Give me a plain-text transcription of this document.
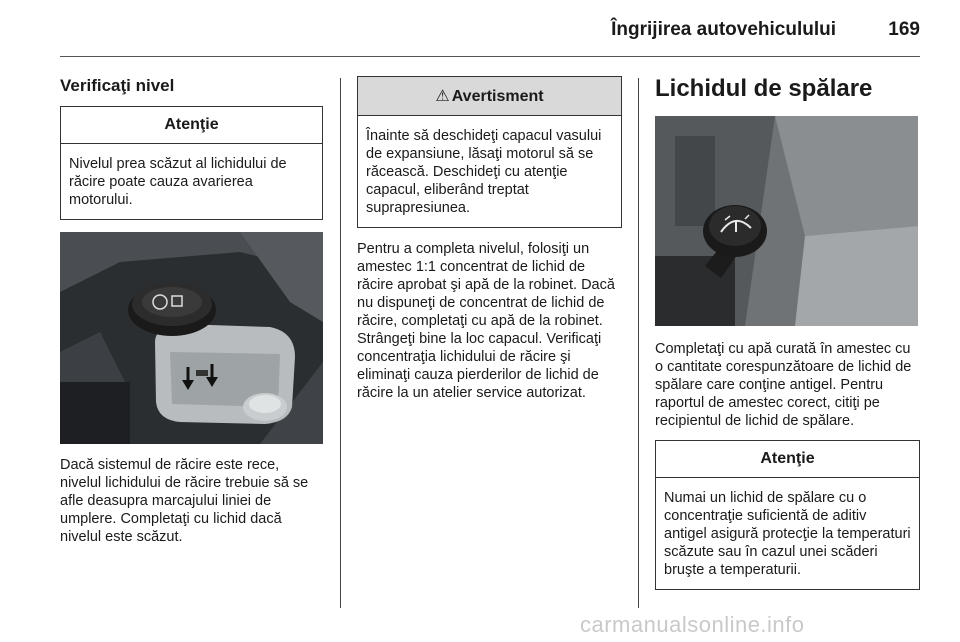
Îngrijirea autovehiculului	169
Verificaţi nivel
Atenţie
Nivelul prea scăzut al lichidului de răcire poate cauza avarierea motorului.

Dacă sistemul de răcire este rece, nivelul lichidului de răcire trebuie să se afle deasupra marcajului liniei de umplere. Completaţi cu lichid dacă nivelul este scăzut.

⚠ Avertisment
Înainte să deschideţi capacul vasului de expansiune, lăsaţi motorul să se răcească. Deschideţi cu atenţie capacul, eliberând treptat suprapresiunea.

Pentru a completa nivelul, folosiţi un amestec 1:1 concentrat de lichid de răcire aprobat şi apă de la robinet. Dacă nu dispuneţi de concentrat de lichid de răcire, completaţi cu apă de la robinet. Strângeţi bine la loc capacul. Verificaţi concentraţia lichidului de răcire şi eliminaţi cauza pierderilor de lichid de răcire la un atelier service autorizat.

Lichidul de spălare

Completaţi cu apă curată în amestec cu o cantitate corespunzătoare de lichid de spălare care conţine antigel. Pentru raportul de amestec corect, citiţi pe recipientul de lichid de spălare.

Atenţie
Numai un lichid de spălare cu o concentraţie suficientă de aditiv antigel asigură protecţie la temperaturi scăzute sau în cazul unei scăderi bruşte a temperaturii.
carmanualsonline.info
